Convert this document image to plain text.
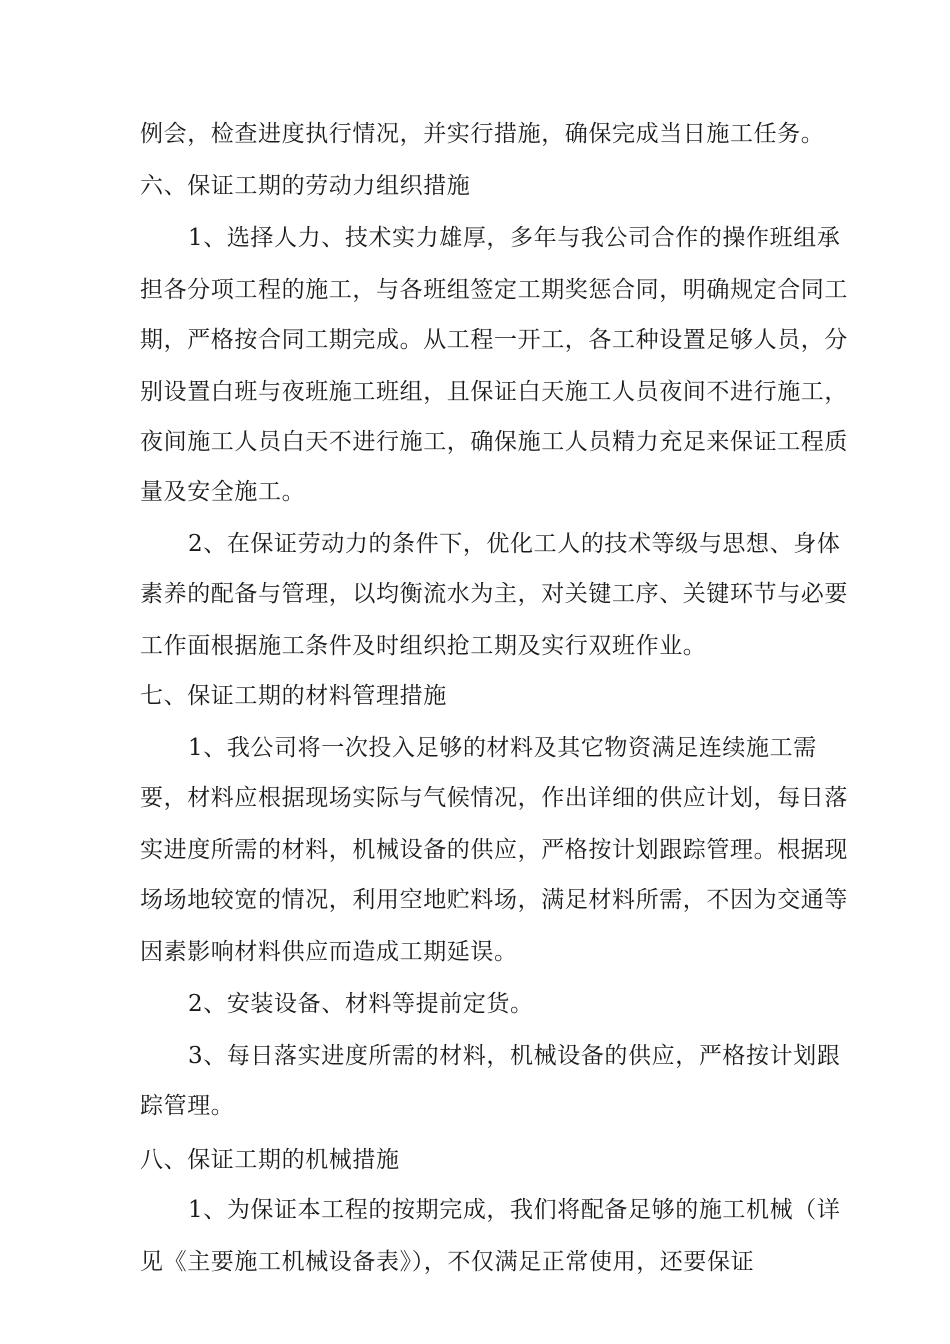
例会，检查进度执行情况，并实行措施，确保完成当日施工任务。
六、保证工期的劳动力组织措施
1、选择人力、技术实力雄厚，多年与我公司合作的操作班组承
担各分项工程的施工，与各班组签定工期奖惩合同，明确规定合同工
期，严格按合同工期完成。从工程一开工，各工种设置足够人员，分
别设置白班与夜班施工班组，且保证白天施工人员夜间不进行施工，
夜间施工人员白天不进行施工，确保施工人员精力充足来保证工程质
量及安全施工。
2、在保证劳动力的条件下，优化工人的技术等级与思想、身体
素养的配备与管理，以均衡流水为主，对关键工序、关键环节与必要
工作面根据施工条件及时组织抢工期及实行双班作业。
七、保证工期的材料管理措施
1、我公司将一次投入足够的材料及其它物资满足连续施工需
要，材料应根据现场实际与气候情况，作出详细的供应计划，每日落
实进度所需的材料，机械设备的供应，严格按计划跟踪管理。根据现
场场地较宽的情况，利用空地贮料场，满足材料所需，不因为交通等
因素影响材料供应而造成工期延误。
2、安装设备、材料等提前定货。
3、每日落实进度所需的材料，机械设备的供应，严格按计划跟
踪管理。
八、保证工期的机械措施
1、为保证本工程的按期完成，我们将配备足够的施工机械（详
见《主要施工机械设备表》），不仅满足正常使用，还要保证
